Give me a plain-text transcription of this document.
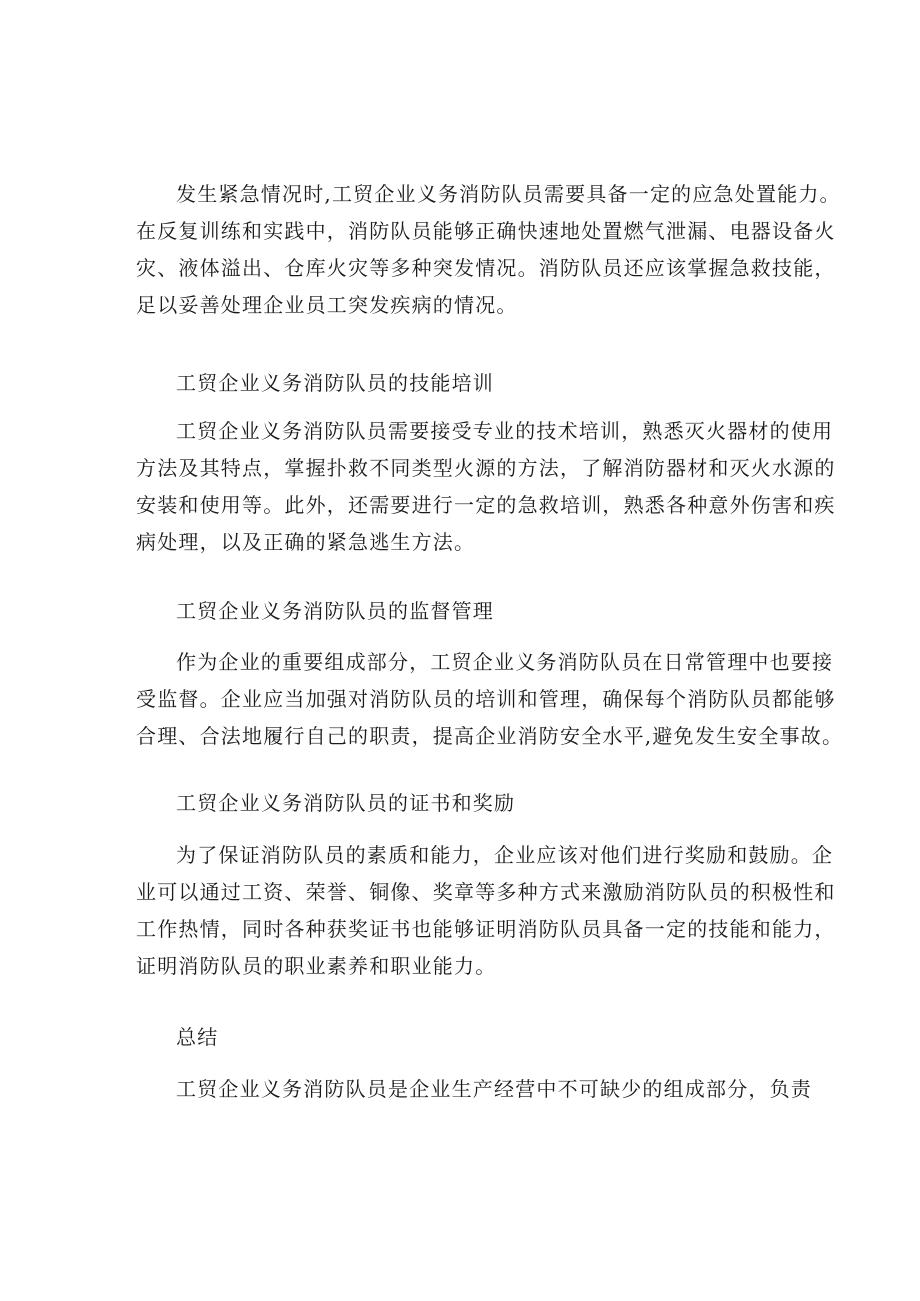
发生紧急情况时,工贸企业义务消防队员需要具备一定的应急处置能力。
在反复训练和实践中，消防队员能够正确快速地处置燃气泄漏、电器设备火
灾、液体溢出、仓库火灾等多种突发情况。消防队员还应该掌握急救技能，
足以妥善处理企业员工突发疾病的情况。
工贸企业义务消防队员的技能培训
工贸企业义务消防队员需要接受专业的技术培训，熟悉灭火器材的使用
方法及其特点，掌握扑救不同类型火源的方法，了解消防器材和灭火水源的
安装和使用等。此外，还需要进行一定的急救培训，熟悉各种意外伤害和疾
病处理，以及正确的紧急逃生方法。
工贸企业义务消防队员的监督管理
作为企业的重要组成部分，工贸企业义务消防队员在日常管理中也要接
受监督。企业应当加强对消防队员的培训和管理，确保每个消防队员都能够
合理、合法地履行自己的职责，提高企业消防安全水平,避免发生安全事故。
工贸企业义务消防队员的证书和奖励
为了保证消防队员的素质和能力，企业应该对他们进行奖励和鼓励。企
业可以通过工资、荣誉、铜像、奖章等多种方式来激励消防队员的积极性和
工作热情，同时各种获奖证书也能够证明消防队员具备一定的技能和能力，
证明消防队员的职业素养和职业能力。
总结
工贸企业义务消防队员是企业生产经营中不可缺少的组成部分，负责
